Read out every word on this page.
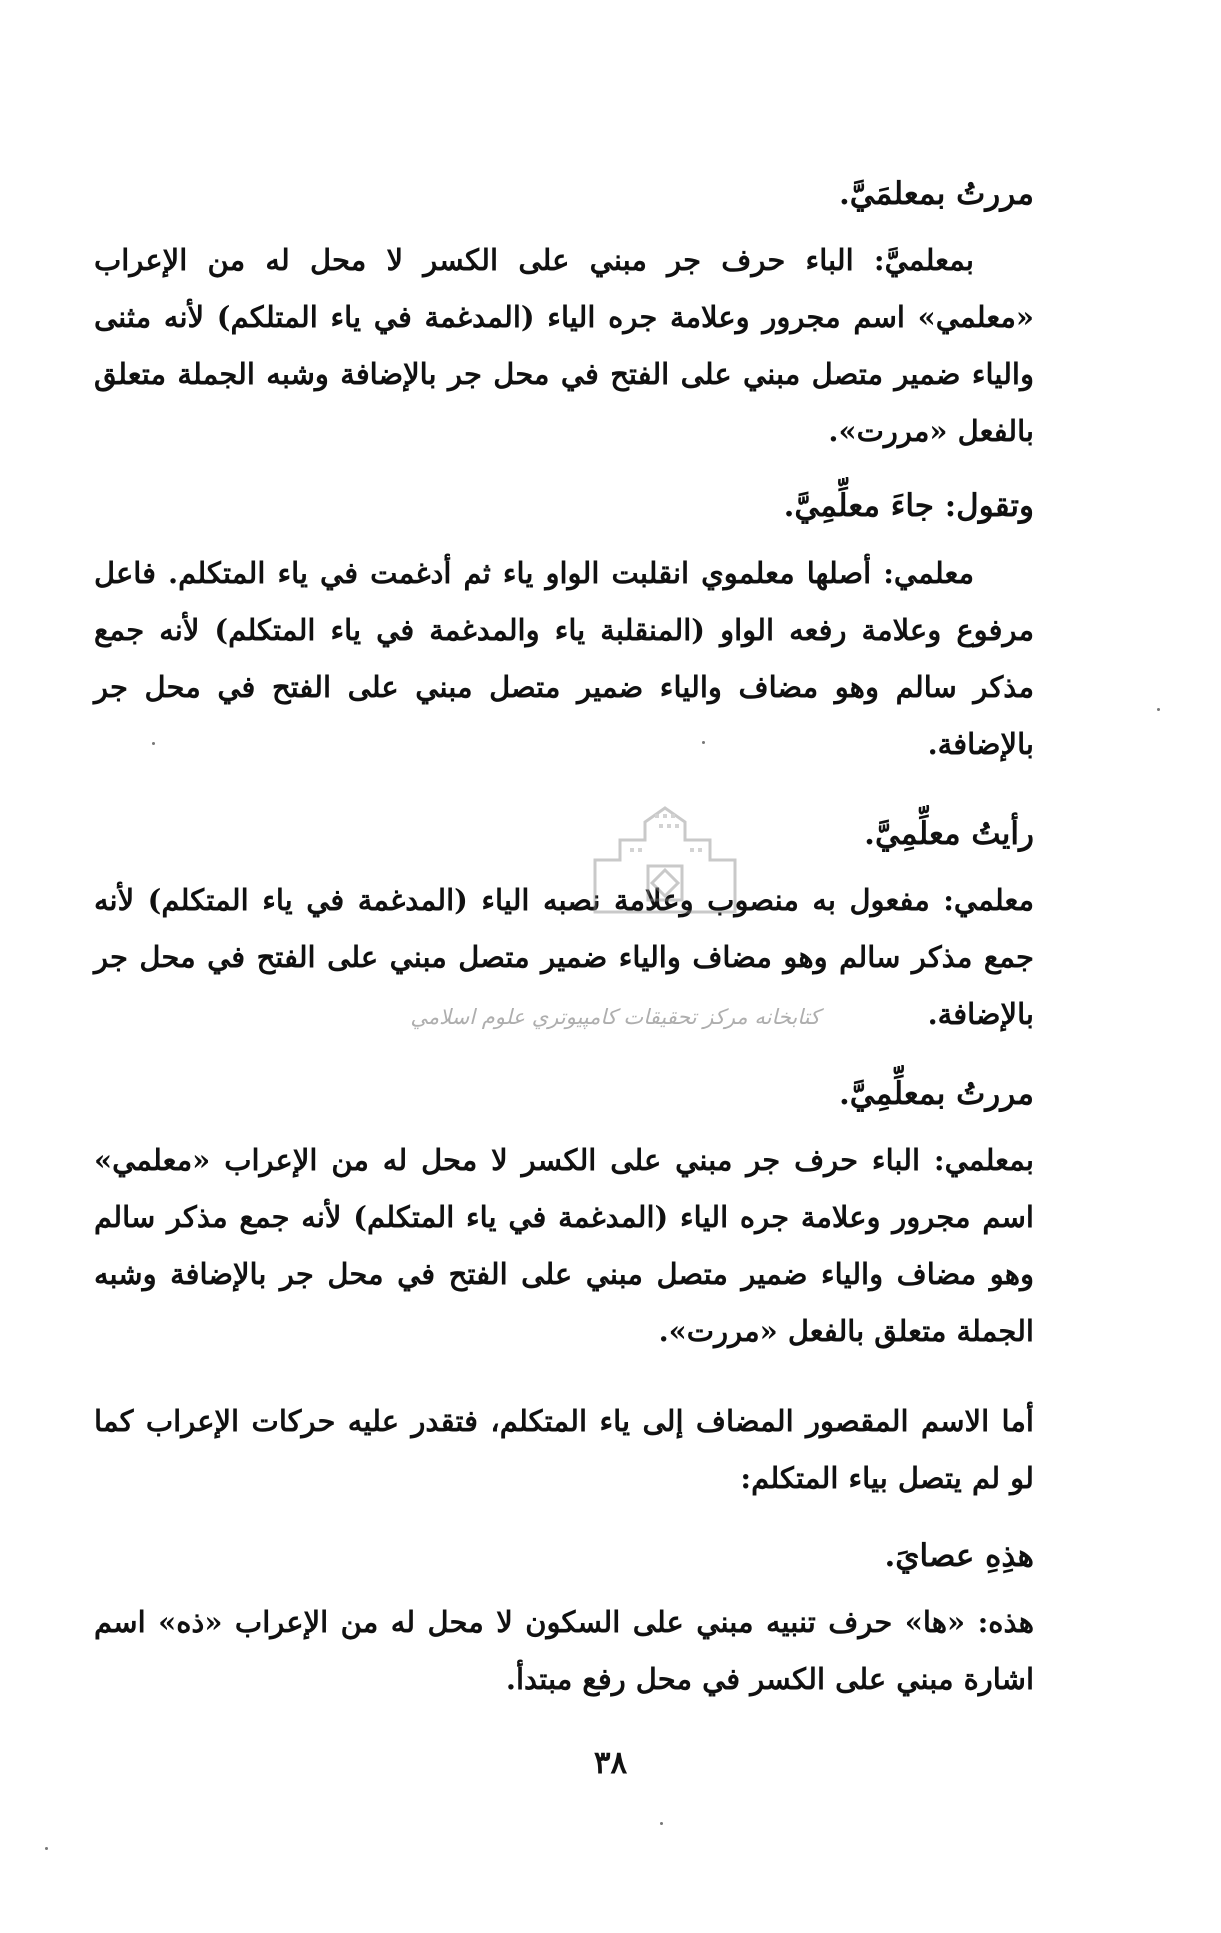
مررتُ بمعلمَيَّ.

بمعلميَّ: الباء حرف جر مبني على الكسر لا محل له من الإعراب «معلمي» اسم مجرور وعلامة جره الياء (المدغمة في ياء المتلكم) لأنه مثنى والياء ضمير متصل مبني على الفتح في محل جر بالإضافة وشبه الجملة متعلق بالفعل «مررت».

وتقول: جاءَ معلِّمِيَّ.

معلمي: أصلها معلموي انقلبت الواو ياء ثم أدغمت في ياء المتكلم. فاعل مرفوع وعلامة رفعه الواو (المنقلبة ياء والمدغمة في ياء المتكلم) لأنه جمع مذكر سالم وهو مضاف والياء ضمير متصل مبني على الفتح في محل جر بالإضافة.

رأيتُ معلِّمِيَّ.

معلمي: مفعول به منصوب وعلامة نصبه الياء (المدغمة في ياء المتكلم) لأنه جمع مذكر سالم وهو مضاف والياء ضمير متصل مبني على الفتح في محل جر بالإضافة.

مررتُ بمعلِّمِيَّ.

بمعلمي: الباء حرف جر مبني على الكسر لا محل له من الإعراب «معلمي» اسم مجرور وعلامة جره الياء (المدغمة في ياء المتكلم) لأنه جمع مذكر سالم وهو مضاف والياء ضمير متصل مبني على الفتح في محل جر بالإضافة وشبه الجملة متعلق بالفعل «مررت».

أما الاسم المقصور المضاف إلى ياء المتكلم، فتقدر عليه حركات الإعراب كما لو لم يتصل بياء المتكلم:

هذِهِ عصايَ.

هذه: «ها» حرف تنبيه مبني على السكون لا محل له من الإعراب «ذه» اسم اشارة مبني على الكسر في محل رفع مبتدأ.

٣٨
كتابخانه مركز تحقيقات كامپيوتري علوم اسلامي
